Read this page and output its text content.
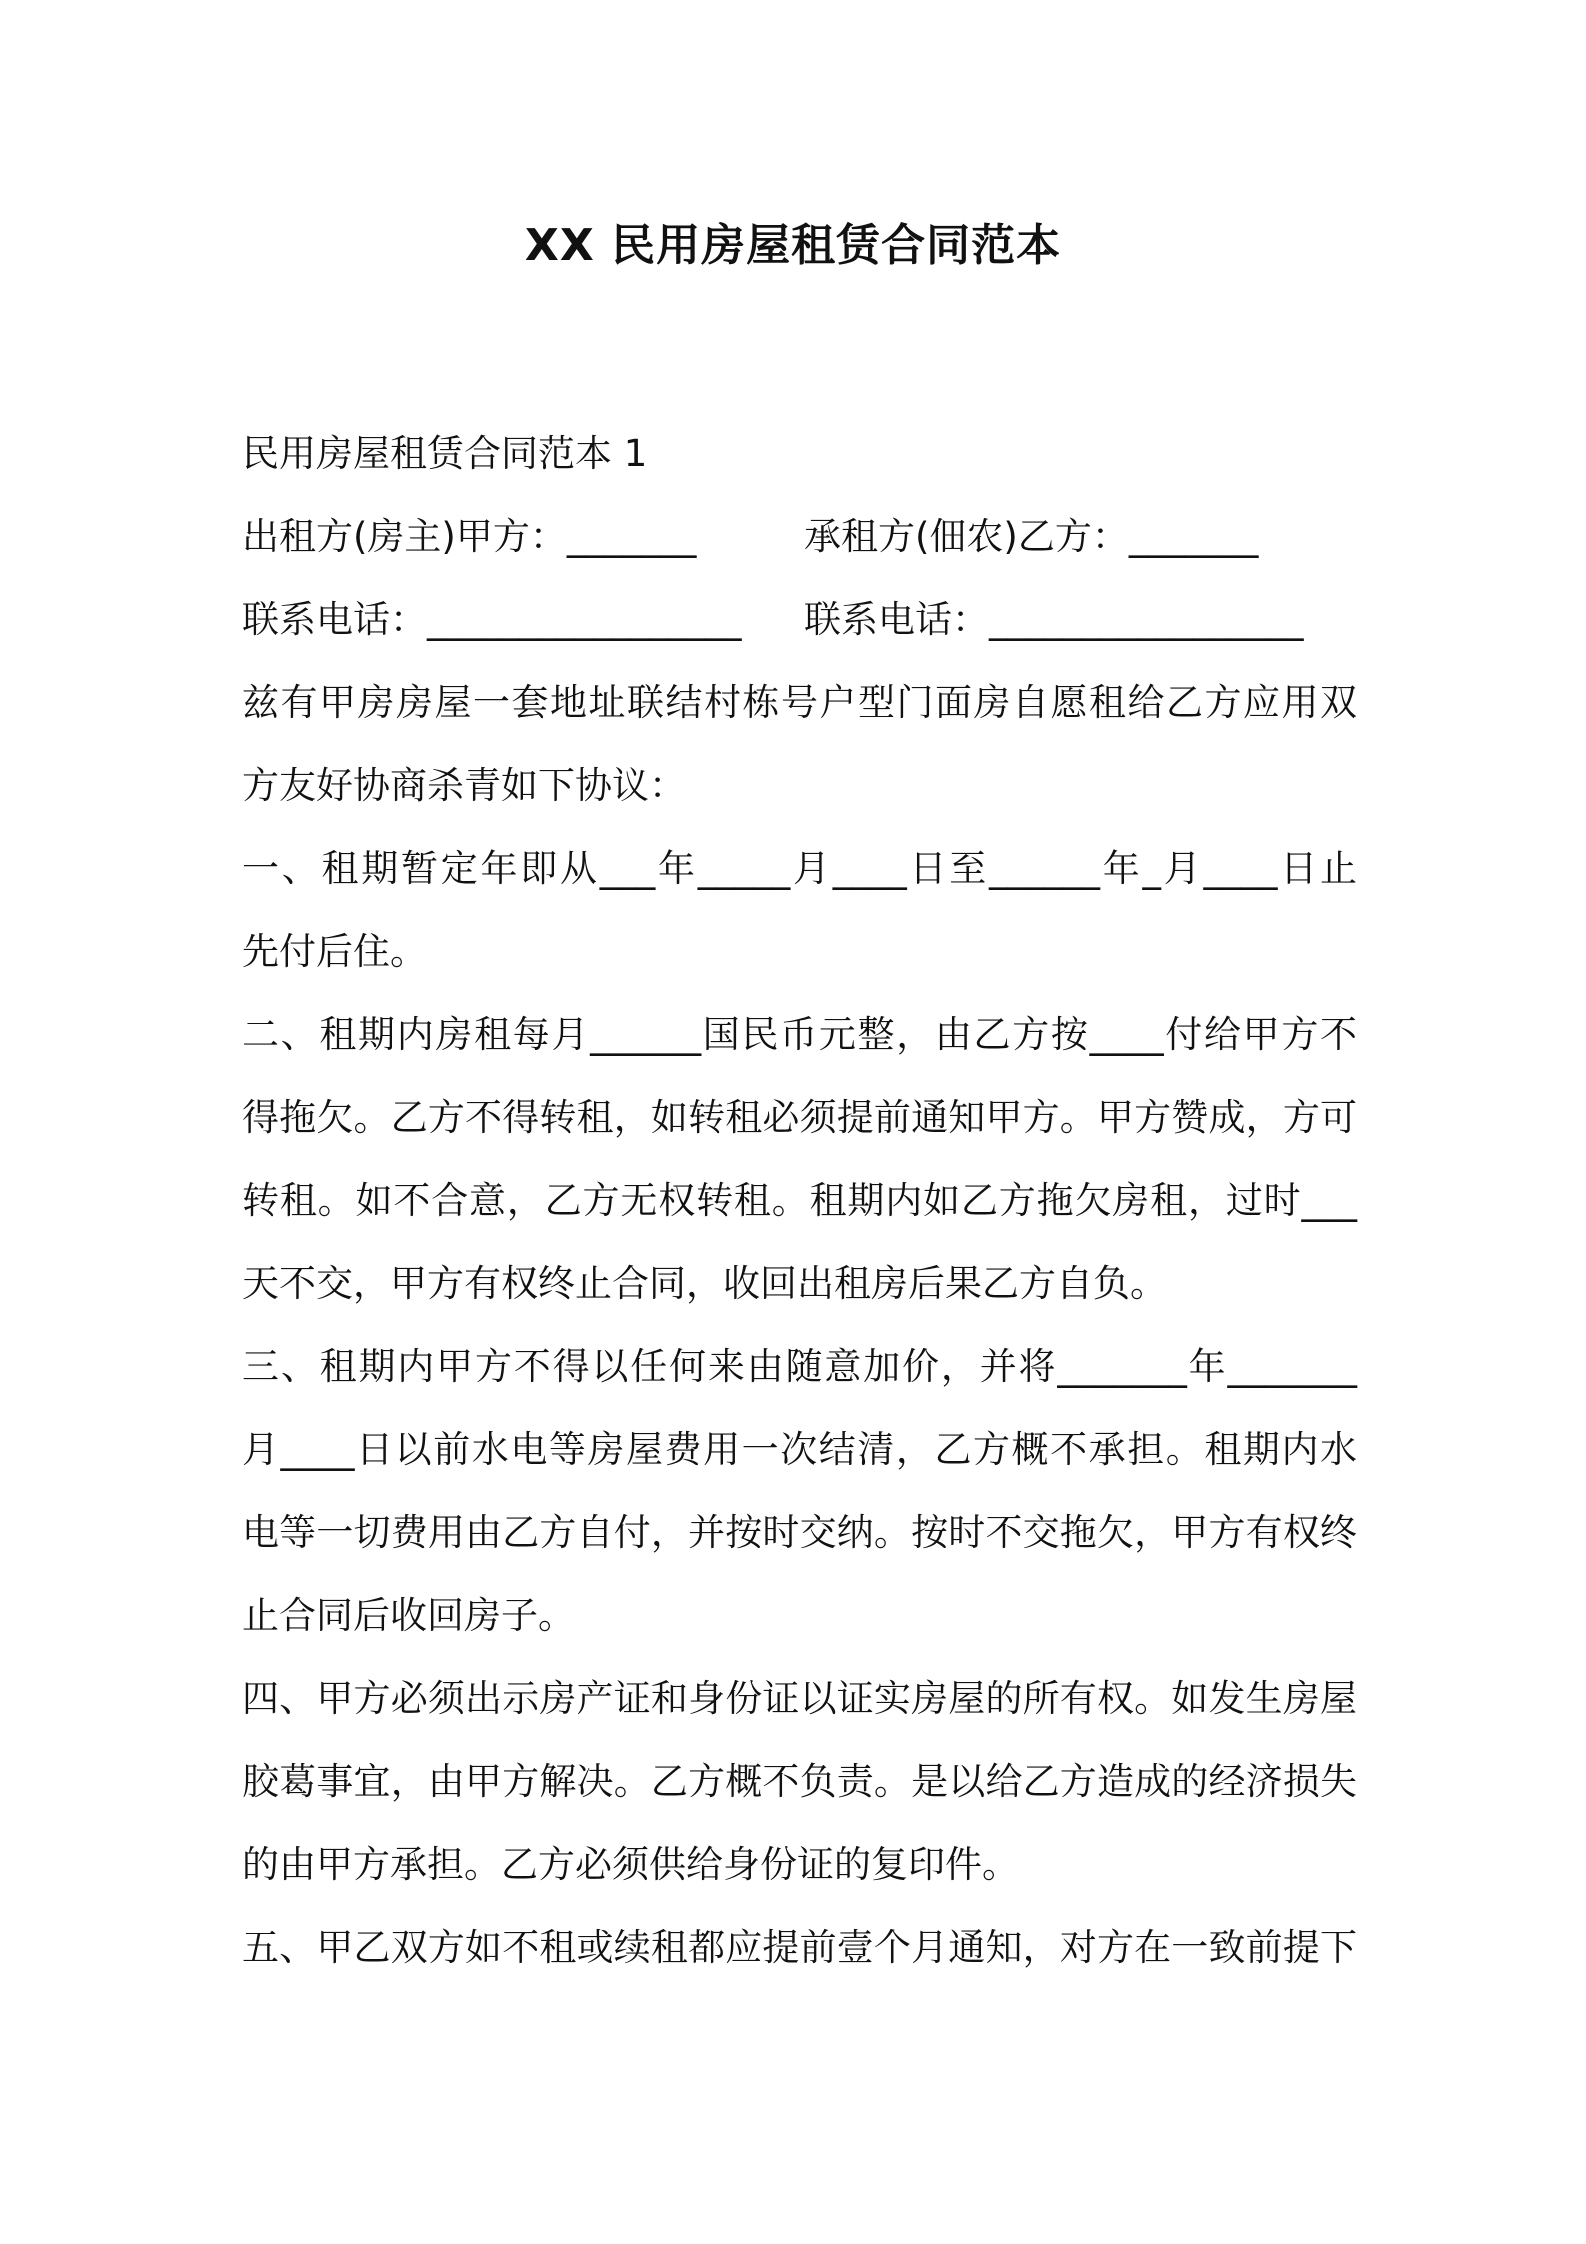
XX 民用房屋租赁合同范本
民用房屋租赁合同范本 1
出租方(房主)甲方：_______	承租方(佃农)乙方：_______
联系电话：_________________ 联系电话：_________________
兹有甲房房屋一套地址联结村栋号户型门面房自愿租给乙方应用双
方友好协商杀青如下协议：
一、租期暂定年即从___年_____月____日至______年_月____日止
先付后住。
二、租期内房租每月______国民币元整，由乙方按____付给甲方不
得拖欠。乙方不得转租，如转租必须提前通知甲方。甲方赞成，方可
转租。如不合意，乙方无权转租。租期内如乙方拖欠房租，过时___
天不交，甲方有权终止合同，收回出租房后果乙方自负。
三、租期内甲方不得以任何来由随意加价，并将_______年_______
月____日以前水电等房屋费用一次结清，乙方概不承担。租期内水
电等一切费用由乙方自付，并按时交纳。按时不交拖欠，甲方有权终
止合同后收回房子。
四、甲方必须出示房产证和身份证以证实房屋的所有权。如发生房屋
胶葛事宜，由甲方解决。乙方概不负责。是以给乙方造成的经济损失
的由甲方承担。乙方必须供给身份证的复印件。
五、甲乙双方如不租或续租都应提前壹个月通知，对方在一致前提下
